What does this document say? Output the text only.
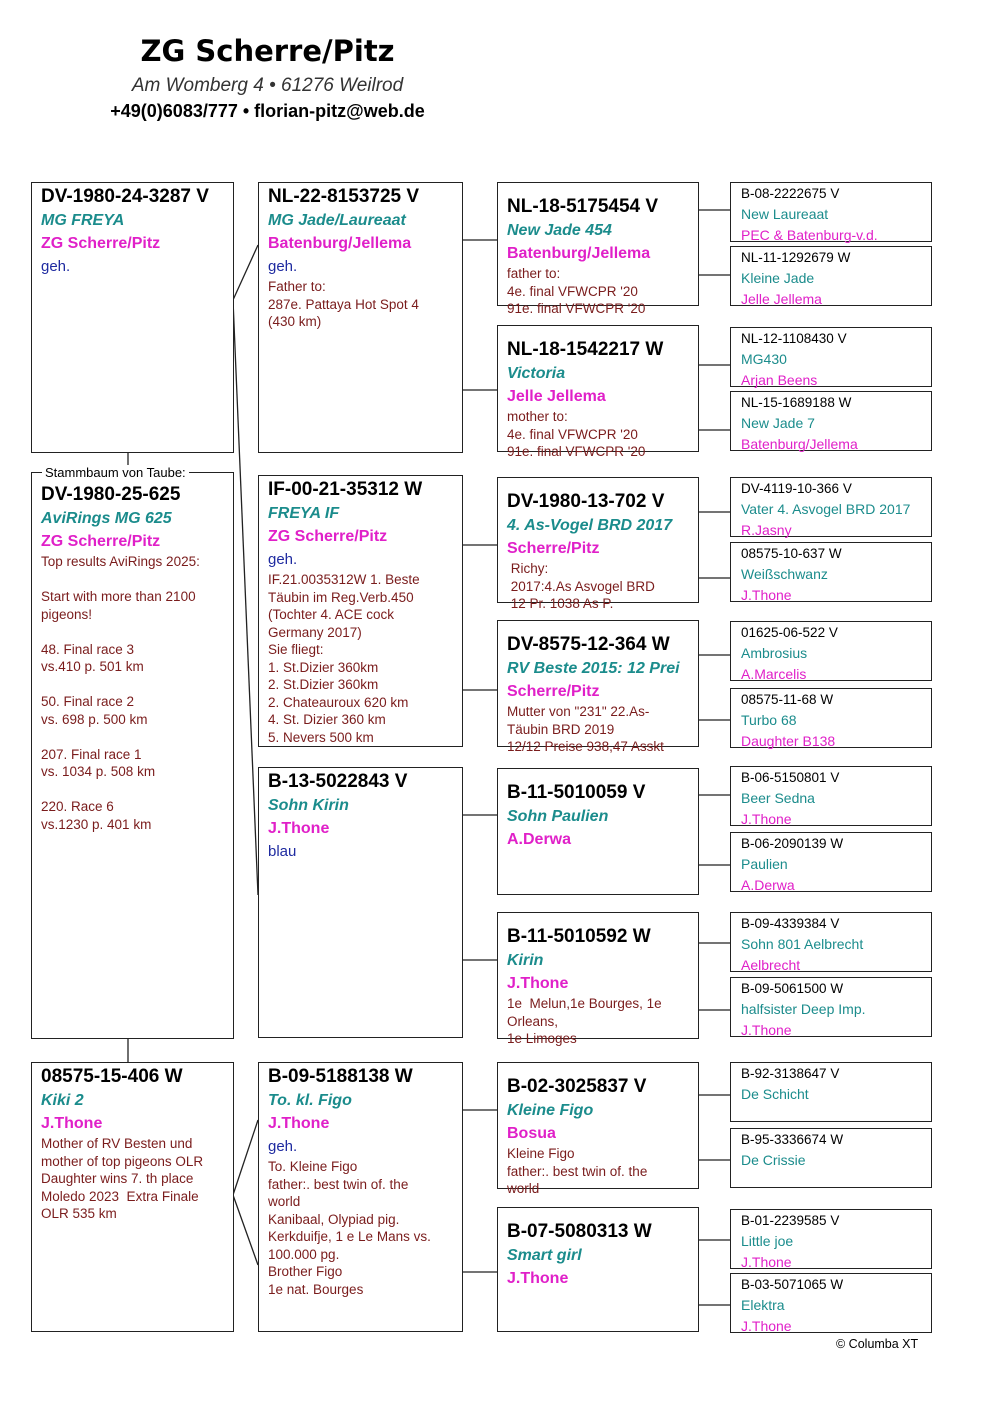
ZG Scherre/Pitz
Am Womberg 4 • 61276 Weilrod
+49(0)6083/777 • florian-pitz@web.de
DV-1980-24-3287 V
MG FREYA
ZG Scherre/Pitz
geh.
DV-1980-25-625
AviRings MG 625
ZG Scherre/Pitz
Top results AviRings 2025:

Start with more than 2100 pigeons!

48. Final race 3
vs.410 p. 501 km

50. Final race 2
vs. 698 p. 500 km

207. Final race 1
vs. 1034 p. 508 km

220. Race 6
vs.1230 p. 401 km
Stammbaum von Taube:
08575-15-406 W
Kiki 2
J.Thone
Mother of RV Besten und
mother of top pigeons OLR
Daughter wins 7. th place
Moledo 2023  Extra Finale
OLR 535 km
NL-22-8153725 V
MG Jade/Laureaat
Batenburg/Jellema
geh.
Father to:
287e. Pattaya Hot Spot 4
(430 km)
IF-00-21-35312 W
FREYA IF
ZG Scherre/Pitz
geh.
IF.21.0035312W 1. Beste
Täubin im Reg.Verb.450
(Tochter 4. ACE cock
Germany 2017)
Sie fliegt:
1. St.Dizier 360km
2. St.Dizier 360km
2. Chateauroux 620 km
4. St. Dizier 360 km
5. Nevers 500 km
B-13-5022843 V
Sohn Kirin
J.Thone
blau
B-09-5188138 W
To. kl. Figo
J.Thone
geh.
To. Kleine Figo
father:. best twin of. the
world
Kanibaal, Olypiad pig.
Kerkduifje, 1 e Le Mans vs.
100.000 pg.
Brother Figo
1e nat. Bourges
NL-18-5175454 V
New Jade 454
Batenburg/Jellema
father to:
4e. final VFWCPR '20
91e. final VFWCPR '20
NL-18-1542217 W
Victoria
Jelle Jellema
mother to:
4e. final VFWCPR '20
91e. final VFWCPR '20
DV-1980-13-702 V
4. As-Vogel BRD 2017
Scherre/Pitz
Richy:
2017:4.As Asvogel BRD
12 Pr. 1038 As P.
DV-8575-12-364 W
RV Beste 2015: 12 Prei
Scherre/Pitz
Mutter von "231" 22.As-
Täubin BRD 2019
12/12 Preise 938,47 Asskt
B-11-5010059 V
Sohn Paulien
A.Derwa
B-11-5010592 W
Kirin
J.Thone
1e  Melun,1e Bourges, 1e
Orleans,
1e Limoges
B-02-3025837 V
Kleine Figo
Bosua
Kleine Figo
father:. best twin of. the
world
B-07-5080313 W
Smart girl
J.Thone
B-08-2222675 V
New Laureaat
PEC & Batenburg-v.d.
NL-11-1292679 W
Kleine Jade
Jelle Jellema
NL-12-1108430 V
MG430
Arjan Beens
NL-15-1689188 W
New Jade 7
Batenburg/Jellema
DV-4119-10-366 V
Vater 4. Asvogel BRD 2017
R.Jasny
08575-10-637 W
Weißschwanz
J.Thone
01625-06-522 V
Ambrosius
A.Marcelis
08575-11-68 W
Turbo 68
Daughter B138
B-06-5150801 V
Beer Sedna
J.Thone
B-06-2090139 W
Paulien
A.Derwa
B-09-4339384 V
Sohn 801 Aelbrecht
Aelbrecht
B-09-5061500 W
halfsister Deep Imp.
J.Thone
B-92-3138647 V
De Schicht
B-95-3336674 W
De Crissie
B-01-2239585 V
Little joe
J.Thone
B-03-5071065 W
Elektra
J.Thone
© Columba XT
